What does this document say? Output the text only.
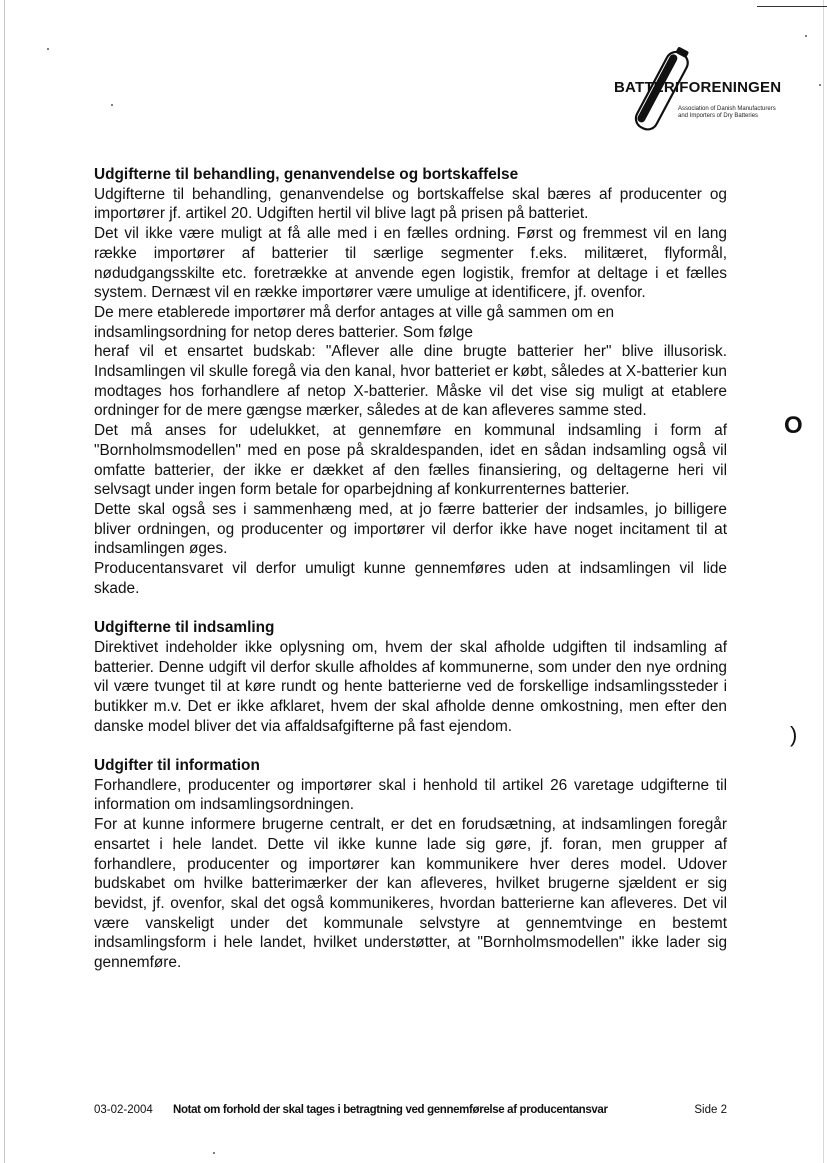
BATTERIFORENINGEN
Association of Danish Manufacturers
and Importers of Dry Batteries
Udgifterne til behandling, genanvendelse og bortskaffelse

Udgifterne til behandling, genanvendelse og bortskaffelse skal bæres af producenter og importører jf. artikel 20. Udgiften hertil vil blive lagt på prisen på batteriet.

Det vil ikke være muligt at få alle med i en fælles ordning. Først og fremmest vil en lang række importører af batterier til særlige segmenter f.eks. militæret, flyformål, nødudgangsskilte etc. foretrække at anvende egen logistik, fremfor at deltage i et fælles system. Dernæst vil en række importører være umulige at identificere, jf. ovenfor.

De mere etablerede importører må derfor antages at ville gå sammen om en indsamlingsordning for netop deres batterier. Som følge

heraf vil et ensartet budskab: "Aflever alle dine brugte batterier her" blive illusorisk. Indsamlingen vil skulle foregå via den kanal, hvor batteriet er købt, således at X-batterier kun modtages hos forhandlere af netop X-batterier. Måske vil det vise sig muligt at etablere ordninger for de mere gængse mærker, således at de kan afleveres samme sted.

Det må anses for udelukket, at gennemføre en kommunal indsamling i form af "Bornholmsmodellen" med en pose på skraldespanden, idet en sådan indsamling også vil omfatte batterier, der ikke er dækket af den fælles finansiering, og deltagerne heri vil selvsagt under ingen form betale for oparbejdning af konkurrenternes batterier.

Dette skal også ses i sammenhæng med, at jo færre batterier der indsamles, jo billigere bliver ordningen, og producenter og importører vil derfor ikke have noget incitament til at indsamlingen øges.

Producentansvaret vil derfor umuligt kunne gennemføres uden at indsamlingen vil lide skade.

Udgifterne til indsamling

Direktivet indeholder ikke oplysning om, hvem der skal afholde udgiften til indsamling af batterier. Denne udgift vil derfor skulle afholdes af kommunerne, som under den nye ordning vil være tvunget til at køre rundt og hente batterierne ved de forskellige indsamlingssteder i butikker m.v. Det er ikke afklaret, hvem der skal afholde denne omkostning, men efter den danske model bliver det via affaldsafgifterne på fast ejendom.

Udgifter til information

Forhandlere, producenter og importører skal i henhold til artikel 26 varetage udgifterne til information om indsamlingsordningen.

For at kunne informere brugerne centralt, er det en forudsætning, at indsamlingen foregår ensartet i hele landet. Dette vil ikke kunne lade sig gøre, jf. foran, men grupper af forhandlere, producenter og importører kan kommunikere hver deres model. Udover budskabet om hvilke batterimærker der kan afleveres, hvilket brugerne sjældent er sig bevidst, jf. ovenfor, skal det også kommunikeres, hvordan batterierne kan afleveres. Det vil være vanskeligt under det kommunale selvstyre at gennemtvinge en bestemt indsamlingsform i hele landet, hvilket understøtter, at "Bornholmsmodellen" ikke lader sig gennemføre.

O
)
03-02-2004 Notat om forhold der skal tages i betragtning ved gennemførelse af producentansvar	Side 2
